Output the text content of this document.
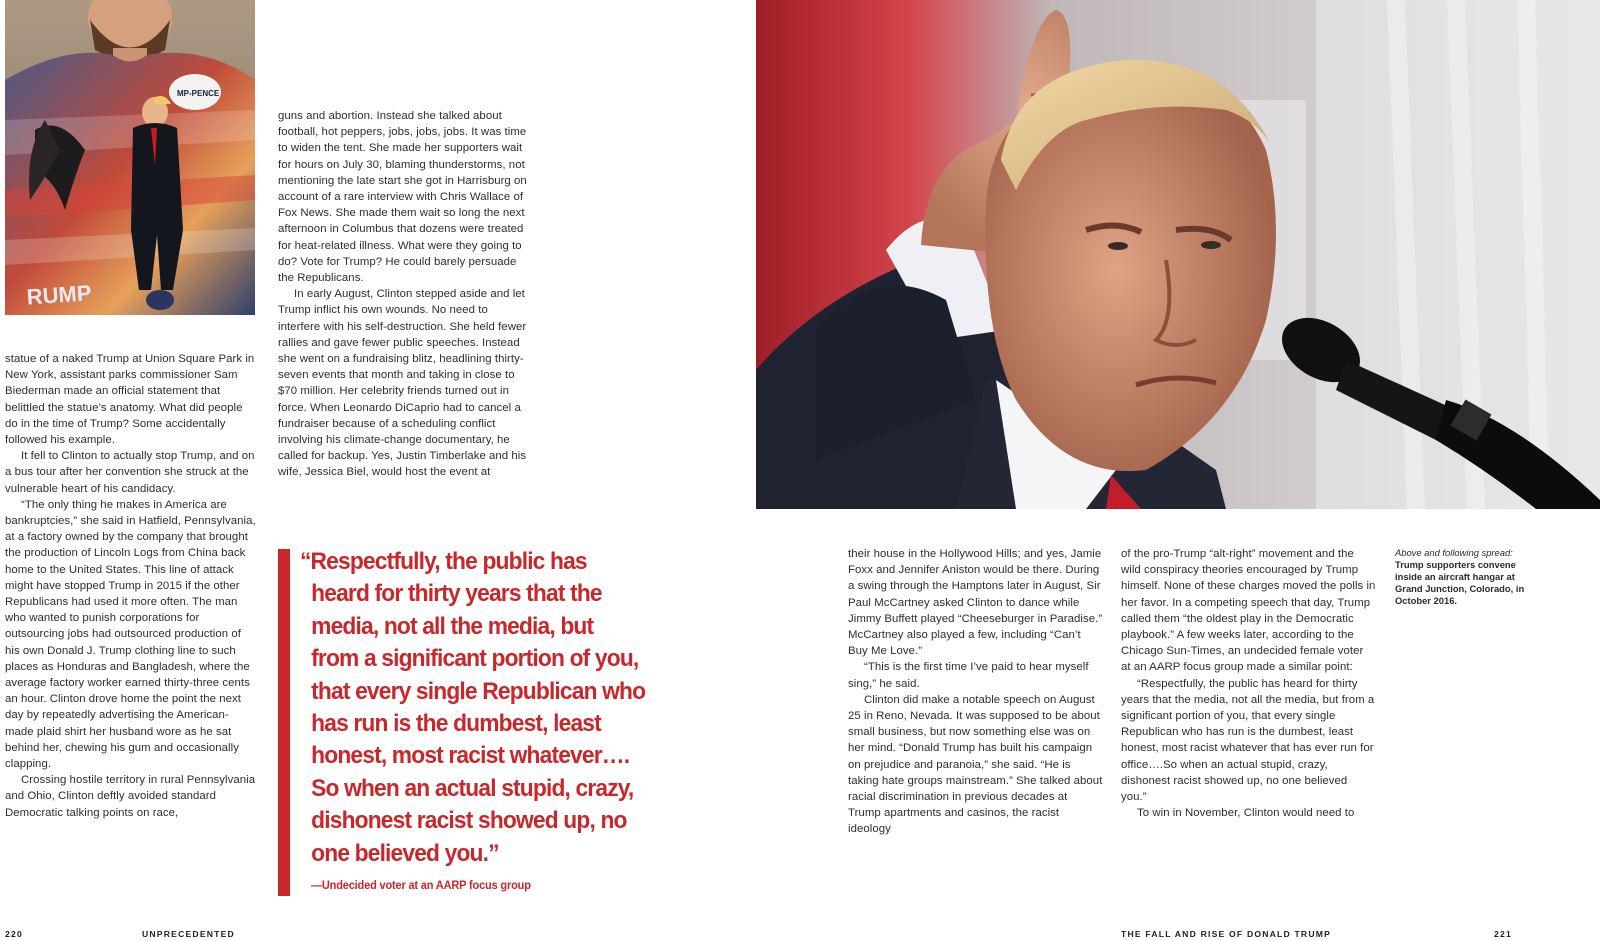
MP-PENCE
RUMP

statue of a naked Trump at Union Square Park in New York, assistant parks commissioner Sam Biederman made an official statement that belittled the statue’s anatomy. What did people do in the time of Trump? Some accidentally followed his example.

It fell to Clinton to actually stop Trump, and on a bus tour after her convention she struck at the vulnerable heart of his candidacy.

“The only thing he makes in America are bankruptcies,” she said in Hatfield, Pennsylvania, at a factory owned by the company that brought the production of Lincoln Logs from China back home to the United States. This line of attack might have stopped Trump in 2015 if the other Republicans had used it more often. The man who wanted to punish corporations for outsourcing jobs had outsourced production of his own Donald J. Trump clothing line to such places as Honduras and Bangladesh, where the average factory worker earned thirty-three cents an hour. Clinton drove home the point the next day by repeatedly advertising the American-made plaid shirt her husband wore as he sat behind her, chewing his gum and occasionally clapping.

Crossing hostile territory in rural Pennsylvania and Ohio, Clinton deftly avoided standard Democratic talking points on race,

guns and abortion. Instead she talked about football, hot peppers, jobs, jobs, jobs. It was time to widen the tent. She made her supporters wait for hours on July 30, blaming thunderstorms, not mentioning the late start she got in Harrisburg on account of a rare interview with Chris Wallace of Fox News. She made them wait so long the next afternoon in Columbus that dozens were treated for heat-related illness. What were they going to do? Vote for Trump? He could barely persuade the Republicans.

In early August, Clinton stepped aside and let Trump inflict his own wounds. No need to interfere with his self-destruction. She held fewer rallies and gave fewer public speeches. Instead she went on a fundraising blitz, headlining thirty-seven events that month and taking in close to $70 million. Her celebrity friends turned out in force. When Leonardo DiCaprio had to cancel a fundraiser because of a scheduling conflict involving his climate-change documentary, he called for backup. Yes, Justin Timberlake and his wife, Jessica Biel, would host the event at

“Respectfully, the public has
heard for thirty years that the
media, not all the media, but
from a significant portion of you,
that every single Republican who
has run is the dumbest, least
honest, most racist whatever….
So when an actual stupid, crazy,
dishonest racist showed up, no
one believed you.”
—Undecided voter at an AARP focus group

their house in the Hollywood Hills; and yes, Jamie Foxx and Jennifer Aniston would be there. During a swing through the Hamptons later in August, Sir Paul McCartney asked Clinton to dance while Jimmy Buffett played “Cheeseburger in Paradise.” McCartney also played a few, including “Can’t Buy Me Love.”

“This is the first time I’ve paid to hear myself sing,” he said.

Clinton did make a notable speech on August 25 in Reno, Nevada. It was supposed to be about small business, but now something else was on her mind. “Donald Trump has built his campaign on prejudice and paranoia,” she said. “He is taking hate groups mainstream.” She talked about racial discrimination in previous decades at Trump apartments and casinos, the racist ideology

of the pro-Trump “alt-right” movement and the wild conspiracy theories encouraged by Trump himself. None of these charges moved the polls in her favor. In a competing speech that day, Trump called them “the oldest play in the Democratic playbook.” A few weeks later, according to the Chicago Sun-Times, an undecided female voter at an AARP focus group made a similar point:

“Respectfully, the public has heard for thirty years that the media, not all the media, but from a significant portion of you, that every single Republican who has run is the dumbest, least honest, most racist whatever that has ever run for office….So when an actual stupid, crazy, dishonest racist showed up, no one believed you.”

To win in November, Clinton would need to

Above and following spread: Trump supporters convene inside an aircraft hangar at Grand Junction, Colorado, in October 2016.
220	UNPRECEDENTED	THE FALL AND RISE OF DONALD TRUMP	221
